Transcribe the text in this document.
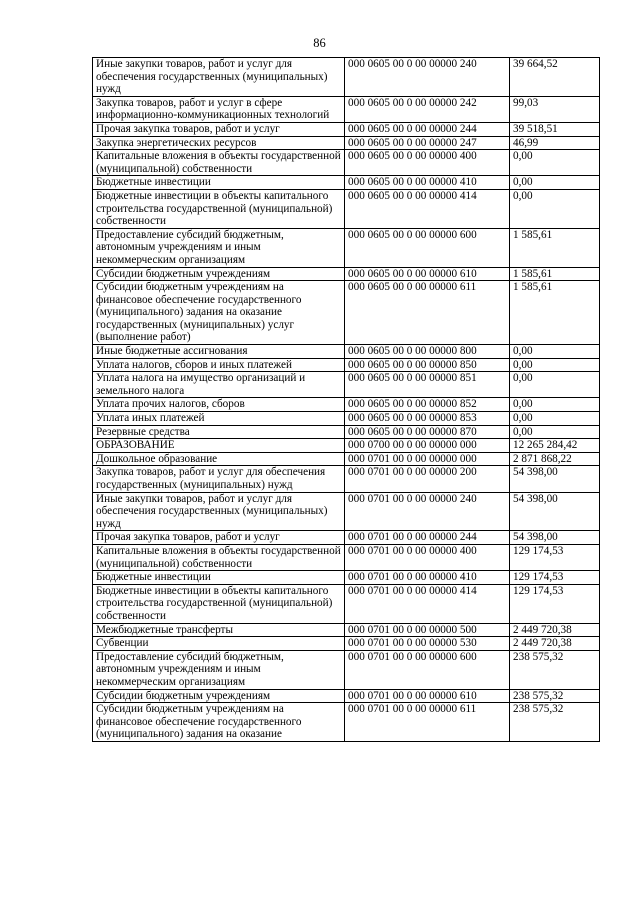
86
Иные закупки товаров, работ и услуг для обеспечения государственных (муниципальных) нужд	000 0605 00 0 00 00000 240	39 664,52
Закупка товаров, работ и услуг в сфере информационно-коммуникационных технологий	000 0605 00 0 00 00000 242	99,03
Прочая закупка товаров, работ и услуг	000 0605 00 0 00 00000 244	39 518,51
Закупка энергетических ресурсов	000 0605 00 0 00 00000 247	46,99
Капитальные вложения в объекты государственной (муниципальной) собственности	000 0605 00 0 00 00000 400	0,00
Бюджетные инвестиции	000 0605 00 0 00 00000 410	0,00
Бюджетные инвестиции в объекты капитального строительства государственной (муниципальной) собственности	000 0605 00 0 00 00000 414	0,00
Предоставление субсидий бюджетным, автономным учреждениям и иным некоммерческим организациям	000 0605 00 0 00 00000 600	1 585,61
Субсидии бюджетным учреждениям	000 0605 00 0 00 00000 610	1 585,61
Субсидии бюджетным учреждениям на финансовое обеспечение государственного (муниципального) задания на оказание государственных (муниципальных) услуг (выполнение работ)	000 0605 00 0 00 00000 611	1 585,61
Иные бюджетные ассигнования	000 0605 00 0 00 00000 800	0,00
Уплата налогов, сборов и иных платежей	000 0605 00 0 00 00000 850	0,00
Уплата налога на имущество организаций и земельного налога	000 0605 00 0 00 00000 851	0,00
Уплата прочих налогов, сборов	000 0605 00 0 00 00000 852	0,00
Уплата иных платежей	000 0605 00 0 00 00000 853	0,00
Резервные средства	000 0605 00 0 00 00000 870	0,00
ОБРАЗОВАНИЕ	000 0700 00 0 00 00000 000	12 265 284,42
Дошкольное образование	000 0701 00 0 00 00000 000	2 871 868,22
Закупка товаров, работ и услуг для обеспечения государственных (муниципальных) нужд	000 0701 00 0 00 00000 200	54 398,00
Иные закупки товаров, работ и услуг для обеспечения государственных (муниципальных) нужд	000 0701 00 0 00 00000 240	54 398,00
Прочая закупка товаров, работ и услуг	000 0701 00 0 00 00000 244	54 398,00
Капитальные вложения в объекты государственной (муниципальной) собственности	000 0701 00 0 00 00000 400	129 174,53
Бюджетные инвестиции	000 0701 00 0 00 00000 410	129 174,53
Бюджетные инвестиции в объекты капитального строительства государственной (муниципальной) собственности	000 0701 00 0 00 00000 414	129 174,53
Межбюджетные трансферты	000 0701 00 0 00 00000 500	2 449 720,38
Субвенции	000 0701 00 0 00 00000 530	2 449 720,38
Предоставление субсидий бюджетным, автономным учреждениям и иным некоммерческим организациям	000 0701 00 0 00 00000 600	238 575,32
Субсидии бюджетным учреждениям	000 0701 00 0 00 00000 610	238 575,32
Субсидии бюджетным учреждениям на финансовое обеспечение государственного (муниципального) задания на оказание	000 0701 00 0 00 00000 611	238 575,32
